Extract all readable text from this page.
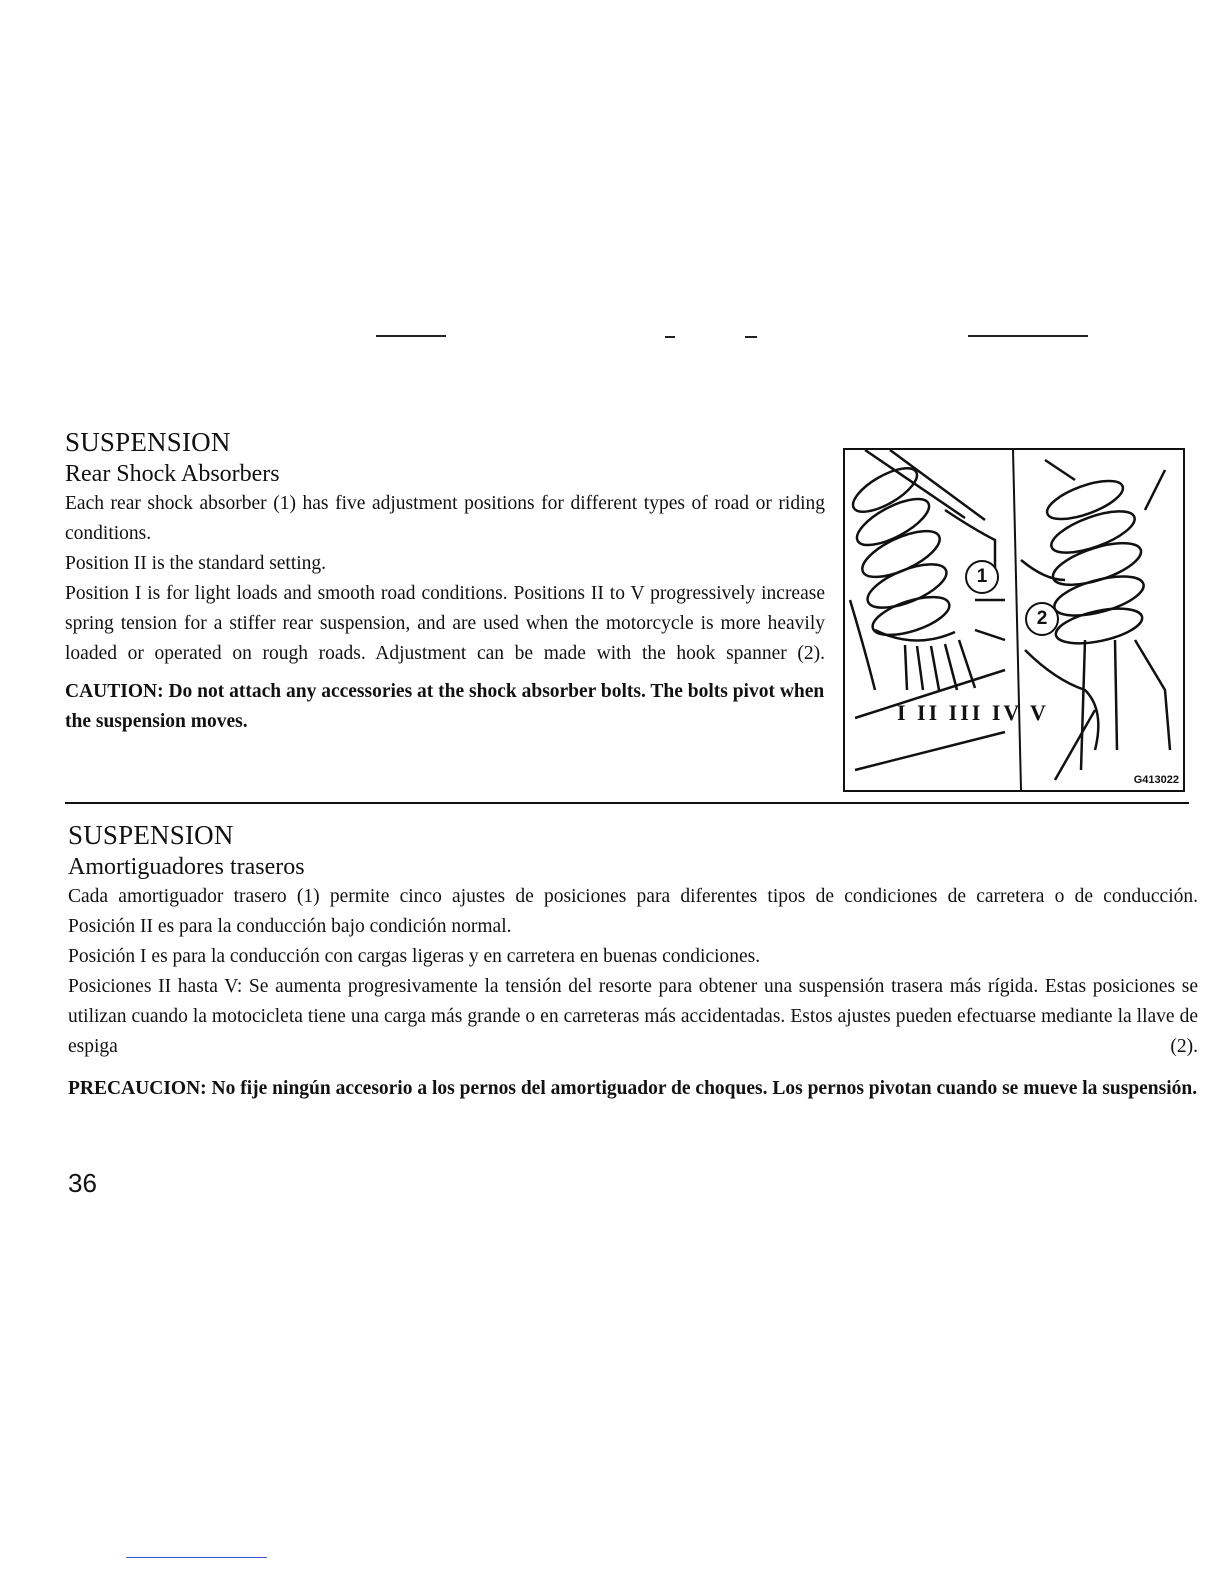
SUSPENSION
Rear Shock Absorbers

Each rear shock absorber (1) has five adjustment positions for different types of road or riding conditions.

Position II is the standard setting.

Position I is for light loads and smooth road conditions. Positions II to V progressively increase spring tension for a stiffer rear suspension, and are used when the motorcycle is more heavily loaded or operated on rough roads. Adjustment can be made with the hook spanner (2).

CAUTION: Do not attach any accessories at the shock absorber bolts. The bolts pivot when the suspension moves.

1
2
I II III IV V
G413022
SUSPENSION
Amortiguadores traseros

Cada amortiguador trasero (1) permite cinco ajustes de posiciones para diferentes tipos de condiciones de carretera o de conducción.

Posición II es para la conducción bajo condición normal.

Posición I es para la conducción con cargas ligeras y en carretera en buenas condiciones.

Posiciones II hasta V: Se aumenta progresivamente la tensión del resorte para obtener una suspensión trasera más rígida. Estas posiciones se utilizan cuando la motocicleta tiene una carga más grande o en carreteras más accidentadas. Estos ajustes pueden efectuarse mediante la llave de espiga (2).

PRECAUCION: No fije ningún accesorio a los pernos del amortiguador de choques. Los pernos pivotan cuando se mueve la suspensión.

36
